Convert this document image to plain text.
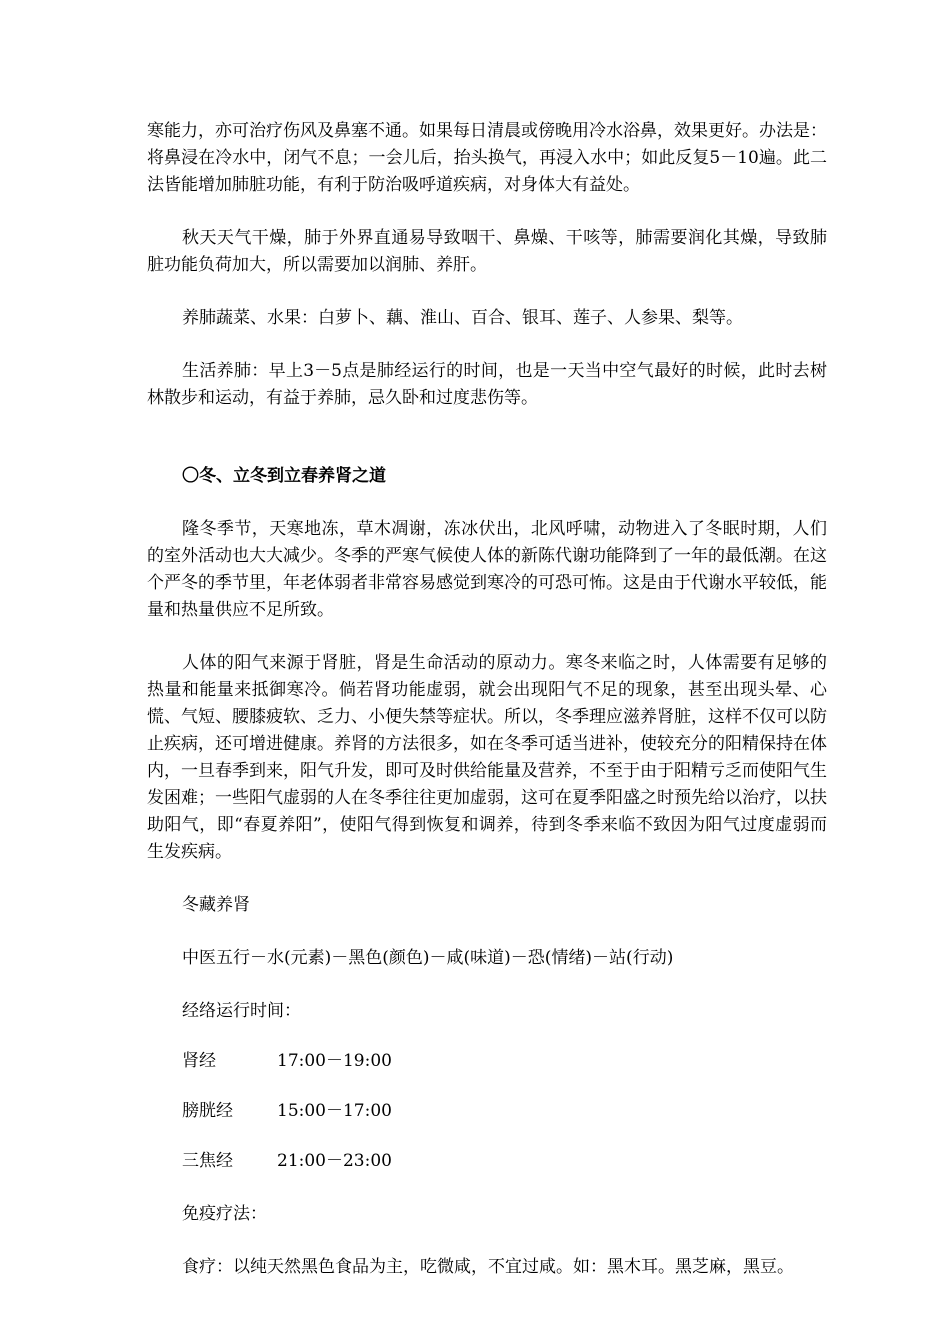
寒能力，亦可治疗伤风及鼻塞不通。如果每日清晨或傍晚用冷水浴鼻，效果更好。办法是：将鼻浸在冷水中，闭气不息；一会儿后，抬头换气，再浸入水中；如此反复5－10遍。此二法皆能增加肺脏功能，有利于防治吸呼道疾病，对身体大有益处。

秋天天气干燥，肺于外界直通易导致咽干、鼻燥、干咳等，肺需要润化其燥，导致肺脏功能负荷加大，所以需要加以润肺、养肝。

养肺蔬菜、水果：白萝卜、藕、淮山、百合、银耳、莲子、人参果、梨等。

生活养肺：早上3－5点是肺经运行的时间，也是一天当中空气最好的时候，此时去树林散步和运动，有益于养肺，忌久卧和过度悲伤等。

〇冬、立冬到立春养肾之道

隆冬季节，天寒地冻，草木凋谢，冻冰伏出，北风呼啸，动物进入了冬眠时期，人们的室外活动也大大减少。冬季的严寒气候使人体的新陈代谢功能降到了一年的最低潮。在这个严冬的季节里，年老体弱者非常容易感觉到寒冷的可恐可怖。这是由于代谢水平较低，能量和热量供应不足所致。

人体的阳气来源于肾脏，肾是生命活动的原动力。寒冬来临之时，人体需要有足够的热量和能量来抵御寒冷。倘若肾功能虚弱，就会出现阳气不足的现象，甚至出现头晕、心慌、气短、腰膝疲软、乏力、小便失禁等症状。所以，冬季理应滋养肾脏，这样不仅可以防止疾病，还可增进健康。养肾的方法很多，如在冬季可适当进补，使较充分的阳精保持在体内，一旦春季到来，阳气升发，即可及时供给能量及营养，不至于由于阳精亏乏而使阳气生发困难；一些阳气虚弱的人在冬季往往更加虚弱，这可在夏季阳盛之时预先给以治疗，以扶助阳气，即“春夏养阳”，使阳气得到恢复和调养，待到冬季来临不致因为阳气过度虚弱而生发疾病。

冬藏养肾

中医五行－水(元素)－黑色(颜色)－咸(味道)－恐(情绪)－站(行动)

经络运行时间：

肾经	17:00－19:00
膀胱经	15:00－17:00
三焦经	21:00－23:00

免疫疗法：

食疗：以纯天然黑色食品为主，吃微咸，不宜过咸。如：黑木耳。黑芝麻，黑豆。
